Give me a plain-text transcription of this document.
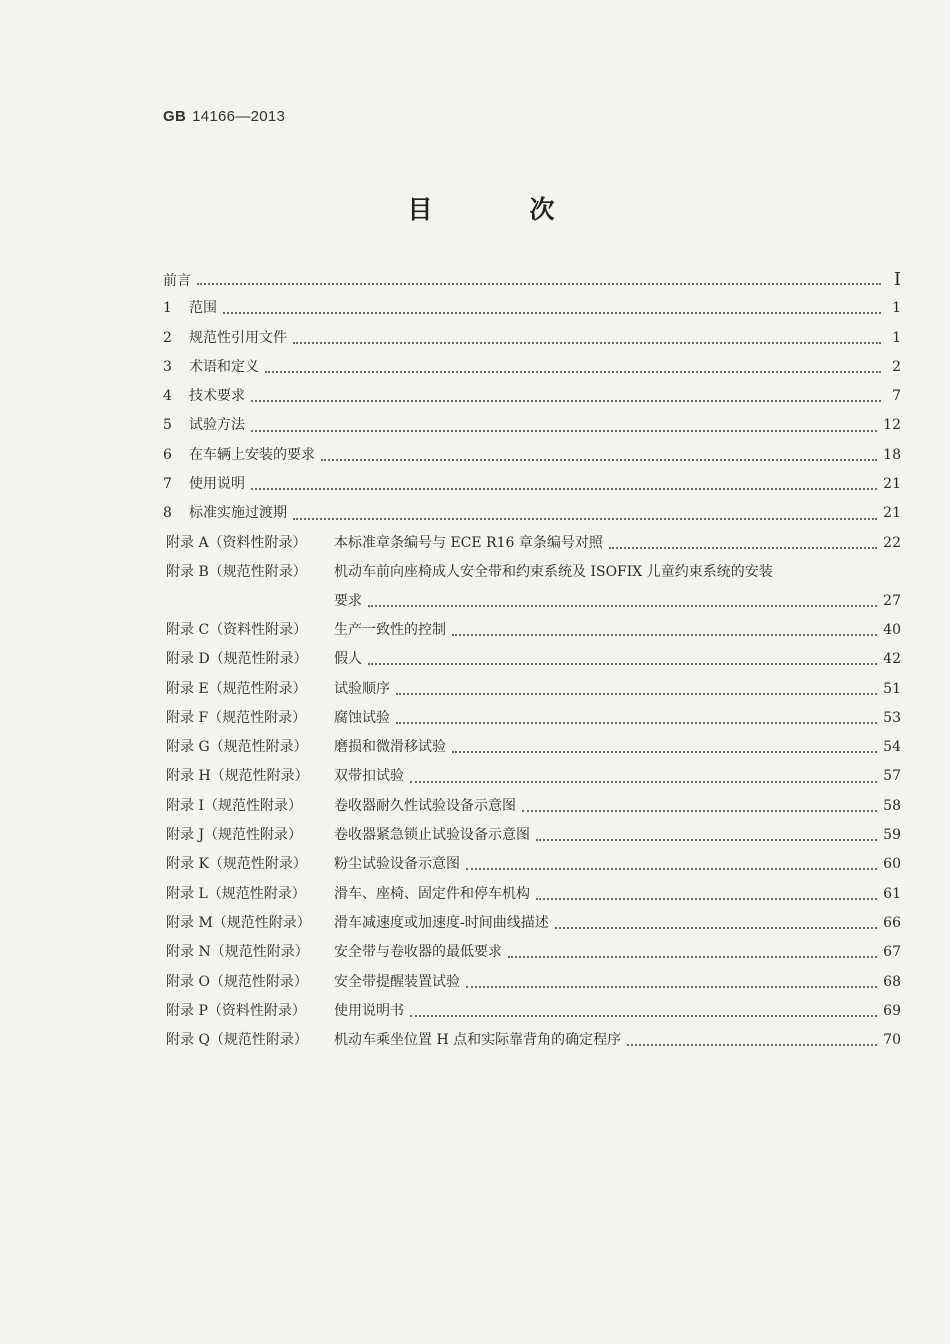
GB 14166—2013
目　次
前言	I
1	范围	1
2	规范性引用文件	1
3	术语和定义	2
4	技术要求	7
5	试验方法	12
6	在车辆上安装的要求	18
7	使用说明	21
8	标准实施过渡期	21
附录 A（资料性附录）	本标准章条编号与 ECE R16 章条编号对照	22
附录 B（规范性附录）	机动车前向座椅成人安全带和约束系统及 ISOFIX 儿童约束系统的安装
要求	27
附录 C（资料性附录）	生产一致性的控制	40
附录 D（规范性附录）	假人	42
附录 E（规范性附录）	试验顺序	51
附录 F（规范性附录）	腐蚀试验	53
附录 G（规范性附录）	磨损和微滑移试验	54
附录 H（规范性附录）	双带扣试验	57
附录 I（规范性附录）	卷收器耐久性试验设备示意图	58
附录 J（规范性附录）	卷收器紧急锁止试验设备示意图	59
附录 K（规范性附录）	粉尘试验设备示意图	60
附录 L（规范性附录）	滑车、座椅、固定件和停车机构	61
附录 M（规范性附录）	滑车减速度或加速度-时间曲线描述	66
附录 N（规范性附录）	安全带与卷收器的最低要求	67
附录 O（规范性附录）	安全带提醒装置试验	68
附录 P（资料性附录）	使用说明书	69
附录 Q（规范性附录）	机动车乘坐位置 H 点和实际靠背角的确定程序	70
